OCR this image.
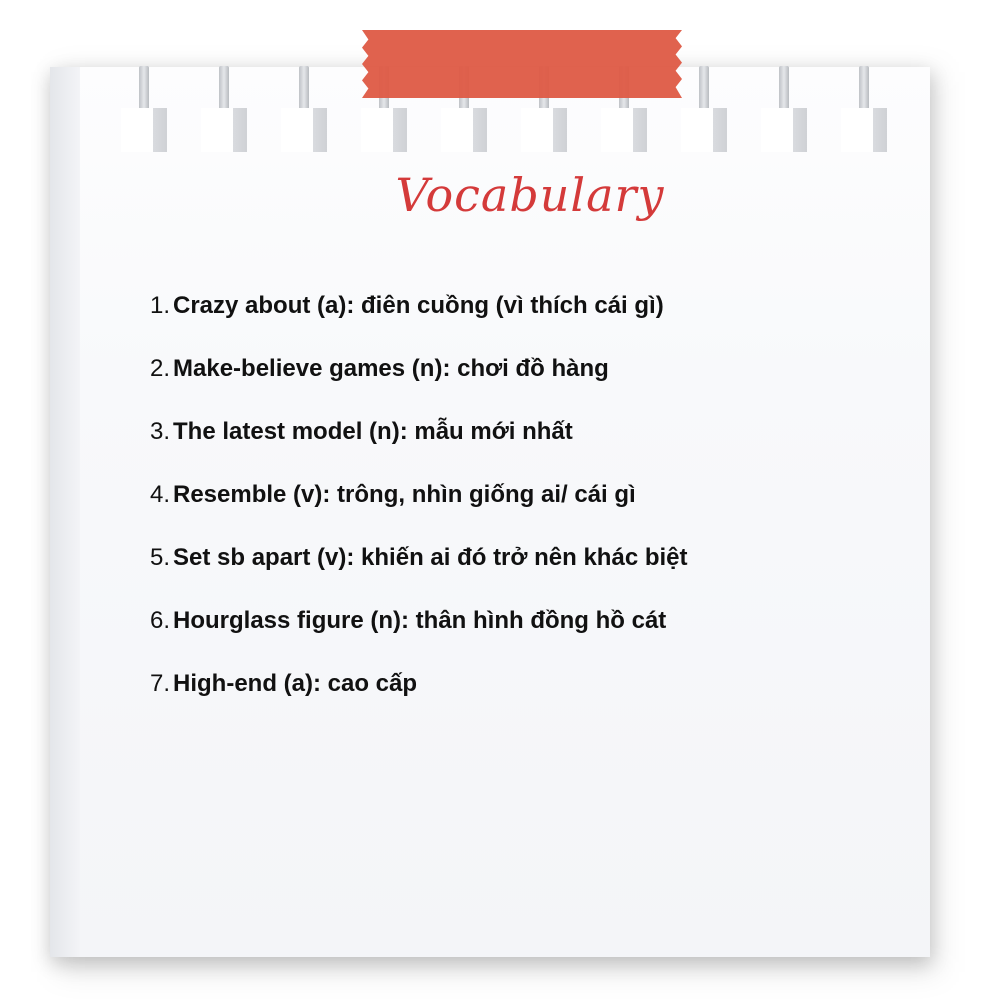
Vocabulary
1. Crazy about (a): điên cuồng (vì thích cái gì)
2. Make-believe games (n): chơi đồ hàng
3. The latest model (n): mẫu mới nhất
4. Resemble (v): trông, nhìn giống ai/ cái gì
5. Set sb apart (v): khiến ai đó trở nên khác biệt
6. Hourglass figure (n): thân hình đồng hồ cát
7. High-end (a): cao cấp
